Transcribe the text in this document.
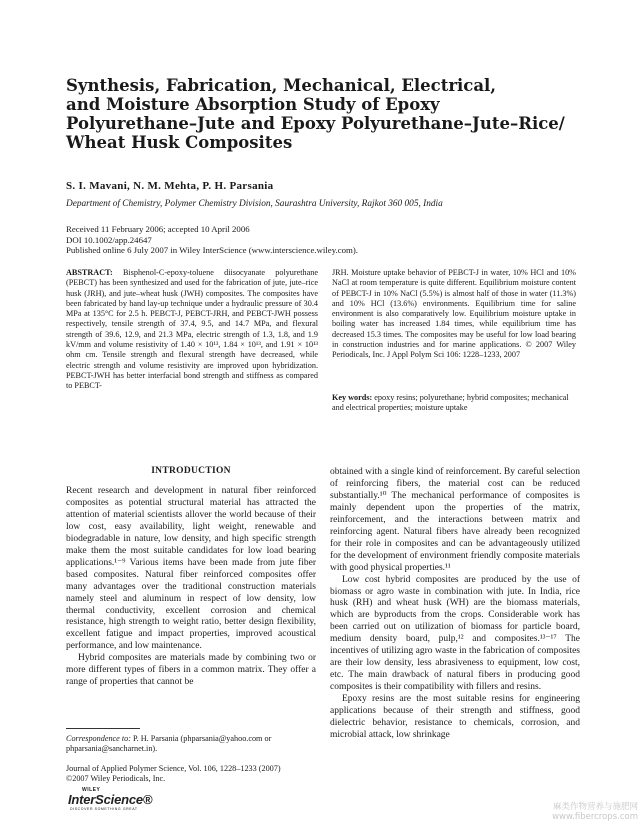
Synthesis, Fabrication, Mechanical, Electrical,
and Moisture Absorption Study of Epoxy
Polyurethane–Jute and Epoxy Polyurethane–Jute–Rice/
Wheat Husk Composites
S. I. Mavani, N. M. Mehta, P. H. Parsania
Department of Chemistry, Polymer Chemistry Division, Saurashtra University, Rajkot 360 005, India
Received 11 February 2006; accepted 10 April 2006
DOI 10.1002/app.24647
Published online 6 July 2007 in Wiley InterScience (www.interscience.wiley.com).
ABSTRACT: Bisphenol-C-epoxy-toluene diisocyanate polyurethane (PEBCT) has been synthesized and used for the fabrication of jute, jute–rice husk (JRH), and jute–wheat husk (JWH) composites. The composites have been fabricated by hand lay-up technique under a hydraulic pressure of 30.4 MPa at 135°C for 2.5 h. PEBCT-J, PEBCT-JRH, and PEBCT-JWH possess respectively, tensile strength of 37.4, 9.5, and 14.7 MPa, and flexural strength of 39.6, 12.9, and 21.3 MPa, electric strength of 1.3, 1.8, and 1.9 kV/mm and volume resistivity of 1.40 × 10¹³, 1.84 × 10¹³, and 1.91 × 10¹³ ohm cm. Tensile strength and flexural strength have decreased, while electric strength and volume resistivity are improved upon hybridization. PEBCT-JWH has better interfacial bond strength and stiffness as compared to PEBCT-
JRH. Moisture uptake behavior of PEBCT-J in water, 10% HCl and 10% NaCl at room temperature is quite different. Equilibrium moisture content of PEBCT-J in 10% NaCl (5.5%) is almost half of those in water (11.3%) and 10% HCl (13.6%) environments. Equilibrium time for saline environment is also comparatively low. Equilibrium moisture uptake in boiling water has increased 1.84 times, while equilibrium time has decreased 15.3 times. The composites may be useful for low load bearing in construction industries and for marine applications. © 2007 Wiley Periodicals, Inc. J Appl Polym Sci 106: 1228–1233, 2007
Key words: epoxy resins; polyurethane; hybrid composites; mechanical and electrical properties; moisture uptake
INTRODUCTION

Recent research and development in natural fiber reinforced composites as potential structural material has attracted the attention of material scientists allover the world because of their low cost, easy availability, light weight, renewable and biodegradable in nature, low density, and high specific strength make them the most suitable candidates for low load bearing applications.¹⁻⁹ Various items have been made from jute fiber based composites. Natural fiber reinforced composites offer many advantages over the traditional construction materials namely steel and aluminum in respect of low density, low thermal conductivity, excellent corrosion and chemical resistance, high strength to weight ratio, better design flexibility, excellent fatigue and impact properties, improved acoustical performance, and low maintenance.

Hybrid composites are materials made by combining two or more different types of fibers in a common matrix. They offer a range of properties that cannot be

obtained with a single kind of reinforcement. By careful selection of reinforcing fibers, the material cost can be reduced substantially.¹⁰ The mechanical performance of composites is mainly dependent upon the properties of the matrix, reinforcement, and the interactions between matrix and reinforcing agent. Natural fibers have already been recognized for their role in composites and can be advantageously utilized for the development of environment friendly composite materials with good physical properties.¹¹

Low cost hybrid composites are produced by the use of biomass or agro waste in combination with jute. In India, rice husk (RH) and wheat husk (WH) are the biomass materials, which are byproducts from the crops. Considerable work has been carried out on utilization of biomass for particle board, medium density board, pulp,¹² and composites.¹³⁻¹⁷ The incentives of utilizing agro waste in the fabrication of composites are their low density, less abrasiveness to equipment, low cost, etc. The main drawback of natural fibers in producing good composites is their compatibility with fillers and resins.

Epoxy resins are the most suitable resins for engineering applications because of their strength and stiffness, good dielectric behavior, resistance to chemicals, corrosion, and microbial attack, low shrinkage

Correspondence to: P. H. Parsania (phparsania@yahoo.com or phparsania@sancharnet.in).
Journal of Applied Polymer Science, Vol. 106, 1228–1233 (2007)
©2007 Wiley Periodicals, Inc.
WILEY
InterScience®
DISCOVER SOMETHING GREAT	麻类作物营养与施肥网
www.fibercrops.com
